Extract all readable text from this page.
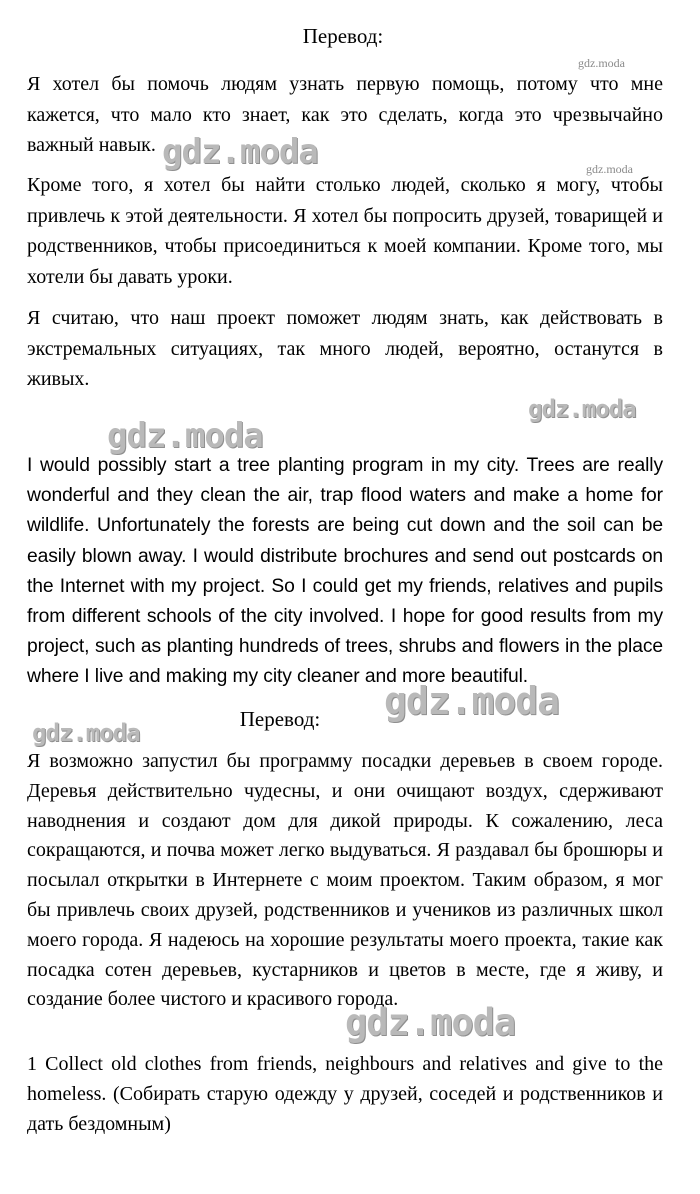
Перевод:

Я хотел бы помочь людям узнать первую помощь, потому что мне кажется, что мало кто знает, как это сделать, когда это чрезвычайно важный навык.

Кроме того, я хотел бы найти столько людей, сколько я могу, чтобы привлечь к этой деятельности. Я хотел бы попросить друзей, товарищей и родственников, чтобы присоединиться к моей компании. Кроме того, мы хотели бы давать уроки.

Я считаю, что наш проект поможет людям знать, как действовать в экстремальных ситуациях, так много людей, вероятно, останутся в живых.

I would possibly start a tree planting program in my city. Trees are really wonderful and they clean the air, trap flood waters and make a home for wildlife. Unfortunately the forests are being cut down and the soil can be easily blown away. I would distribute brochures and send out postcards on the Internet with my project. So I could get my friends, relatives and pupils from different schools of the city involved. I hope for good results from my project, such as planting hundreds of trees, shrubs and flowers in the place where I live and making my city cleaner and more beautiful.

Перевод:

Я возможно запустил бы программу посадки деревьев в своем городе. Деревья действительно чудесны, и они очищают воздух, сдерживают наводнения и создают дом для дикой природы. К сожалению, леса сокращаются, и почва может легко выдуваться. Я раздавал бы брошюры и посылал открытки в Интернете с моим проектом. Таким образом, я мог бы привлечь своих друзей, родственников и учеников из различных школ моего города. Я надеюсь на хорошие результаты моего проекта, такие как посадка сотен деревьев, кустарников и цветов в месте, где я живу, и создание более чистого и красивого города.

1 Collect old clothes from friends, neighbours and relatives and give to the homeless. (Собирать старую одежду у друзей, соседей и родственников и дать бездомным)

gdz.moda
gdz.moda	gdz.moda
gdz.moda
gdz.moda
gdz.moda
gdz.moda
gdz.moda
